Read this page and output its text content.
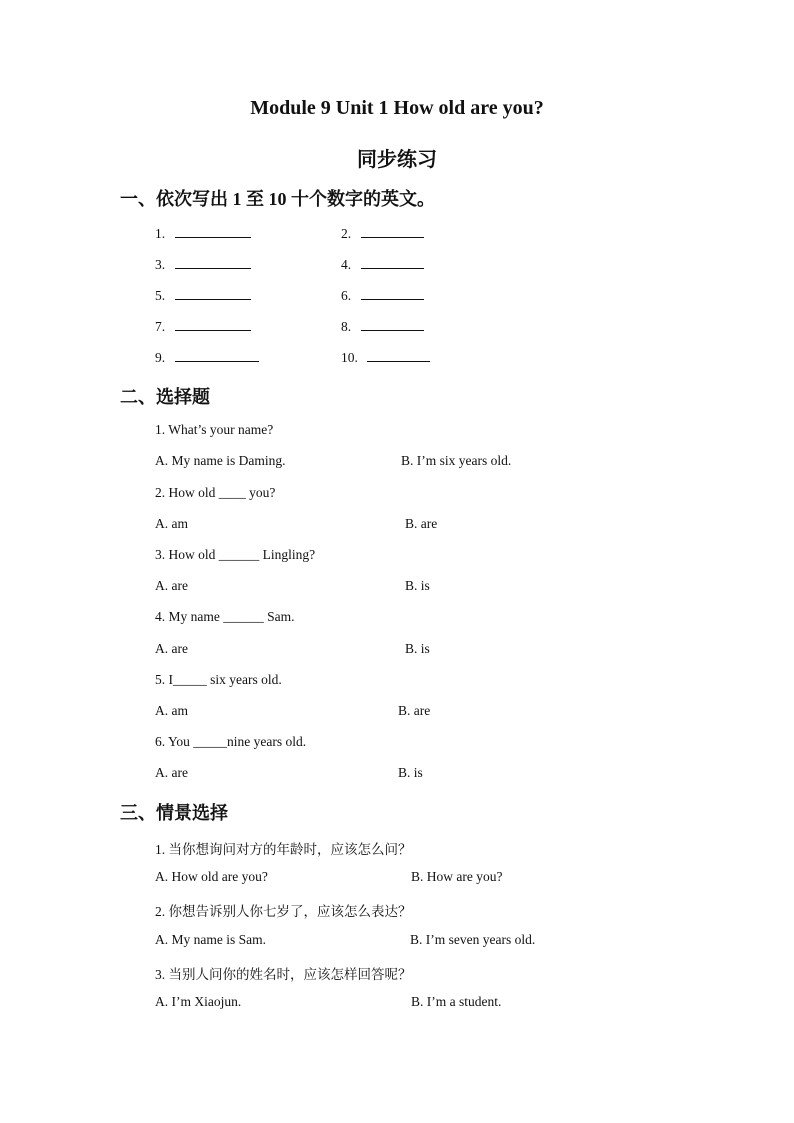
Module 9 Unit 1 How old are you?
同步练习
一、依次写出 1 至 10 十个数字的英文。
1.	2.
3.	4.
5.	6.
7.	8.
9.	10.
二、选择题
1. What’s your name?
A. My name is Daming.	B. I’m six years old.
2. How old ____ you?
A. am	B. are
3. How old ______ Lingling?
A. are	B. is
4. My name ______ Sam.
A. are	B. is
5. I_____ six years old.
A. am	B. are
6. You _____nine years old.
A. are	B. is
三、情景选择
1. 当你想询问对方的年龄时，应该怎么问？
A. How old are you?	B. How are you?
2. 你想告诉别人你七岁了，应该怎么表达？
A. My name is Sam.	B. I’m seven years old.
3. 当别人问你的姓名时，应该怎样回答呢？
A. I’m Xiaojun.	B. I’m a student.
